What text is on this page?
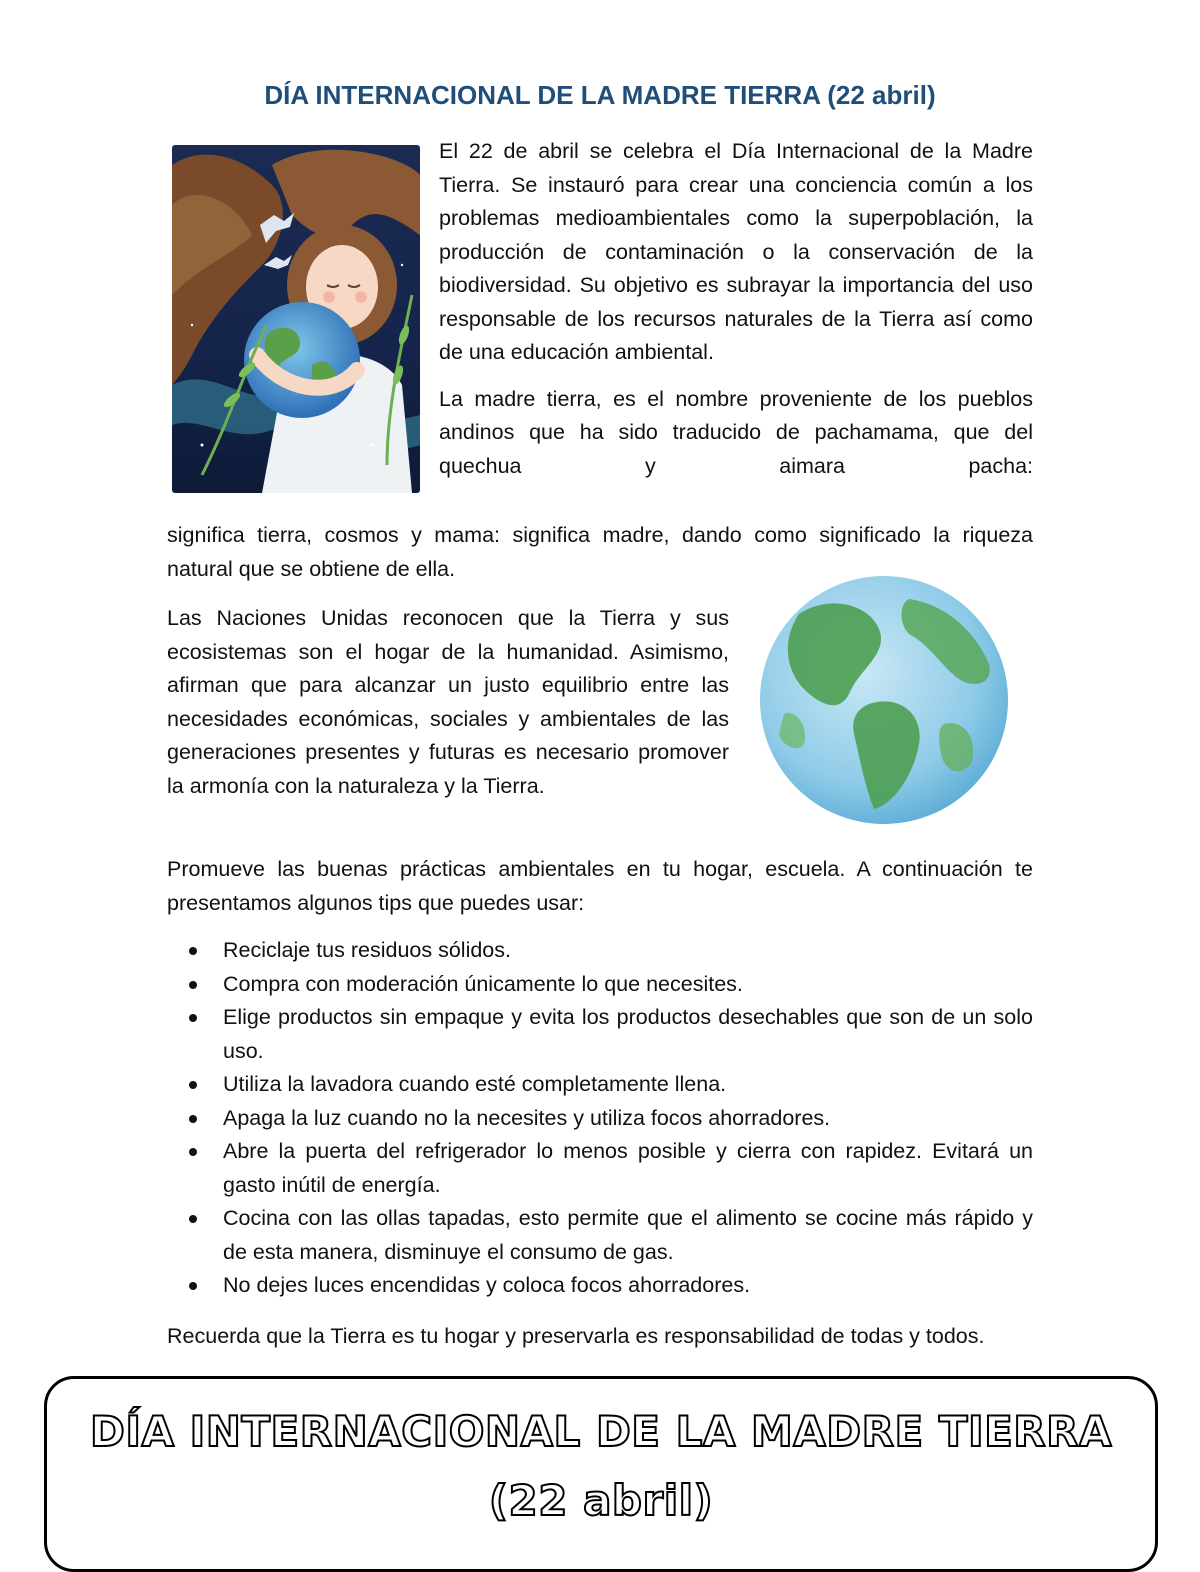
DÍA INTERNACIONAL DE LA MADRE TIERRA (22 abril)

El 22 de abril se celebra el Día Internacional de la Madre Tierra. Se instauró para crear una conciencia común a los problemas medioambientales como la superpoblación, la producción de contaminación o la conservación de la biodiversidad. Su objetivo es subrayar la importancia del uso responsable de los recursos naturales de la Tierra así como de una educación ambiental.

La madre tierra, es el nombre proveniente de los pueblos andinos que ha sido traducido de pachamama, que del quechua y aimara pacha:

significa tierra, cosmos y mama: significa madre, dando como significado la riqueza natural que se obtiene de ella.

Las Naciones Unidas reconocen que la Tierra y sus ecosistemas son el hogar de la humanidad. Asimismo, afirman que para alcanzar un justo equilibrio entre las necesidades económicas, sociales y ambientales de las generaciones presentes y futuras es necesario promover la armonía con la naturaleza y la Tierra.

Promueve las buenas prácticas ambientales en tu hogar, escuela. A continuación te presentamos algunos tips que puedes usar:

Reciclaje tus residuos sólidos.
Compra con moderación únicamente lo que necesites.
Elige productos sin empaque y evita los productos desechables que son de un solo uso.
Utiliza la lavadora cuando esté completamente llena.
Apaga la luz cuando no la necesites y utiliza focos ahorradores.
Abre la puerta del refrigerador lo menos posible y cierra con rapidez. Evitará un gasto inútil de energía.
Cocina con las ollas tapadas, esto permite que el alimento se cocine más rápido y de esta manera, disminuye el consumo de gas.
No dejes luces encendidas y coloca focos ahorradores.

Recuerda que la Tierra es tu hogar y preservarla es responsabilidad de todas y todos.

DÍA INTERNACIONAL DE LA MADRE TIERRA
(22 abril)
